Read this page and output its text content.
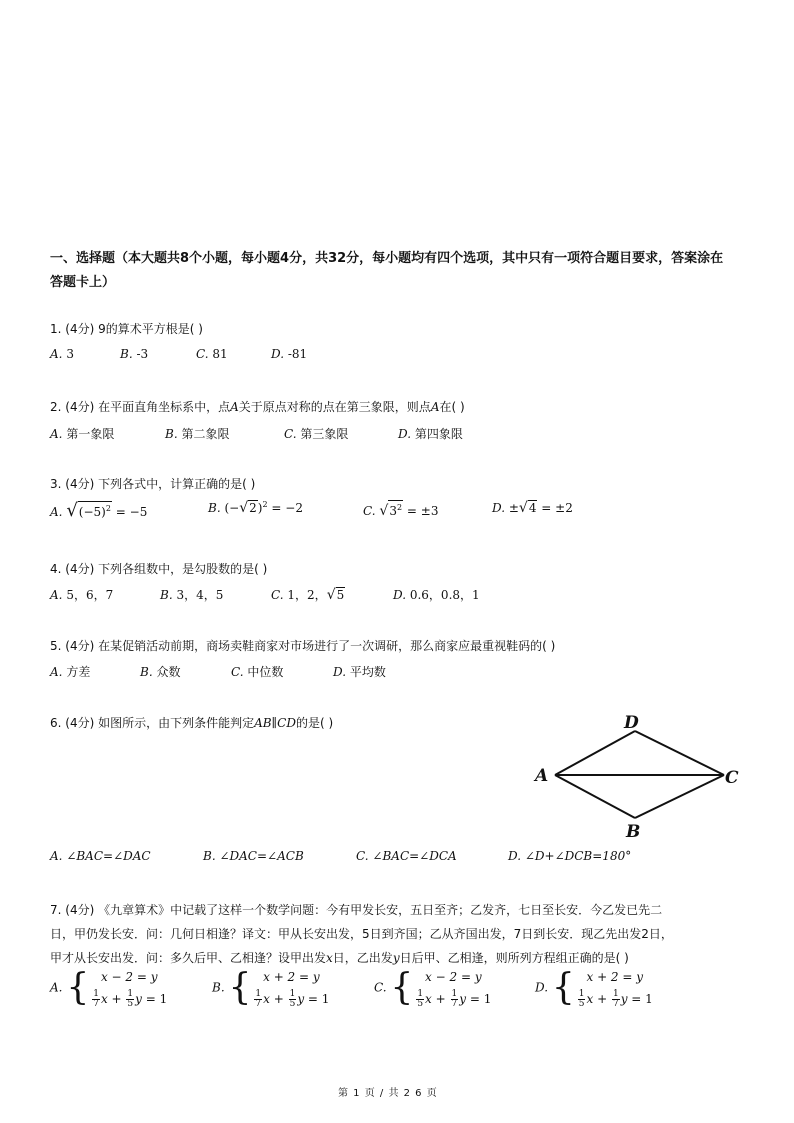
一、选择题（本大题共8个小题，每小题4分，共32分，每小题均有四个选项，其中只有一项符合题目要求，答案涂在
答题卡上）
1. (4分) 9的算术平方根是( )
A. 3	B. -3	C. 81	D. -81
2. (4分) 在平面直角坐标系中，点A关于原点对称的点在第三象限，则点A在( )
A. 第一象限	B. 第二象限	C. 第三象限	D. 第四象限
3. (4分) 下列各式中，计算正确的是( )
A. $√(-5)^2 = -5$	B. $(-√2)^2 = -2$	C. $√3^2 = \pm 3$	D. ±√4 = ±2
4. (4分) 下列各组数中，是勾股数的是( )
A. 5，6，7	B. 3，4，5	C. 1，2，√5	D. 0.6，0.8，1
5. (4分) 在某促销活动前期，商场卖鞋商家对市场进行了一次调研，那么商家应最重视鞋码的( )
A. 方差	B. 众数	C. 中位数	D. 平均数
6. (4分) 如图所示，由下列条件能判定AB∥CD的是( )	D
A	C
B
A. ∠BAC=∠DAC	B. ∠DAC=∠ACB	C. ∠BAC=∠DCA	D. ∠D+∠DCB=180°
7. (4分) 《九章算术》中记载了这样一个数学问题：今有甲发长安，五日至齐；乙发齐，七日至长安．今乙发已先二
日，甲仍发长安．问：几何日相逢？译文：甲从长安出发，5日到齐国；乙从齐国出发，7日到长安．现乙先出发2日，
甲才从长安出发．问：多久后甲、乙相逢？设甲出发x日，乙出发y日后甲、乙相逢，则所列方程组正确的是( )
A. { x − 2 = y
$\frac{1}{7}$ $x + \frac{1}{5}$ y = 1
B. { x + 2 = y
$\frac{1}{7}$ $x + \frac{1}{5}$ y = 1
C. { x − 2 = y
$\frac{1}{5}$ $x + \frac{1}{7}$ y = 1
D. { x + 2 = y
$\frac{1}{5}$ $x + \frac{1}{7}$ y = 1
第 1 页 / 共 2 6 页
